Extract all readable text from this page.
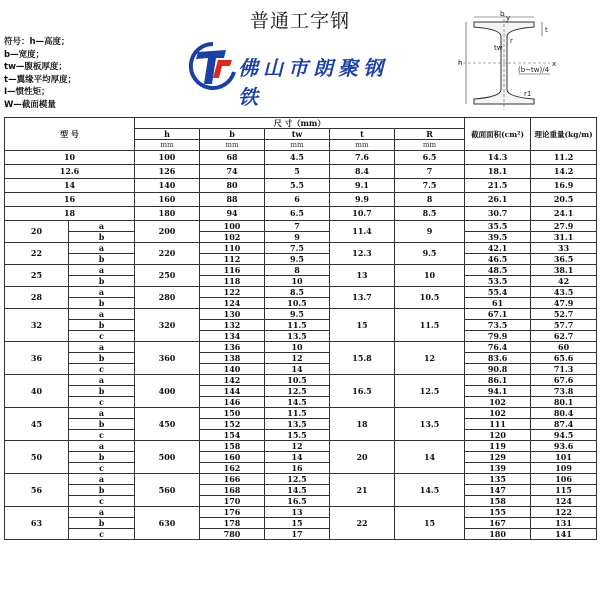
普通工字钢
符号：h—高度；
b—宽度；
tw—腹板厚度；
t—翼缘平均厚度；
I—惯性矩；
W—截面模量
佛山市朗聚钢铁
b
h
tw
t
y
x
r
r1
(b−tw)/4
型 号		尺 寸（mm）					截面面积(cm²)	理论重量(kg/m)
		h	b	tw	t	R		
		mm	mm	mm	mm	mm		
10		100	68	4.5	7.6	6.5	14.3	11.2
12.6		126	74	5	8.4	7	18.1	14.2
14		140	80	5.5	9.1	7.5	21.5	16.9
16		160	88	6	9.9	8	26.1	20.5
18		180	94	6.5	10.7	8.5	30.7	24.1
20	a	200	100	7	11.4	9	35.5	27.9
	b		102	9			39.5	31.1
22	a	220	110	7.5	12.3	9.5	42.1	33
	b		112	9.5			46.5	36.5
25	a	250	116	8	13	10	48.5	38.1
	b		118	10			53.5	42
28	a	280	122	8.5	13.7	10.5	55.4	43.5
	b		124	10.5			61	47.9
32	a	320	130	9.5	15	11.5	67.1	52.7
	b		132	11.5			73.5	57.7
	c		134	13.5			79.9	62.7
36	a	360	136	10	15.8	12	76.4	60
	b		138	12			83.6	65.6
	c		140	14			90.8	71.3
40	a	400	142	10.5	16.5	12.5	86.1	67.6
	b		144	12.5			94.1	73.8
	c		146	14.5			102	80.1
45	a	450	150	11.5	18	13.5	102	80.4
	b		152	13.5			111	87.4
	c		154	15.5			120	94.5
50	a	500	158	12	20	14	119	93.6
	b		160	14			129	101
	c		162	16			139	109
56	a	560	166	12.5	21	14.5	135	106
	b		168	14.5			147	115
	c		170	16.5			158	124
63	a	630	176	13	22	15	155	122
	b		178	15			167	131
	c		780	17			180	141
